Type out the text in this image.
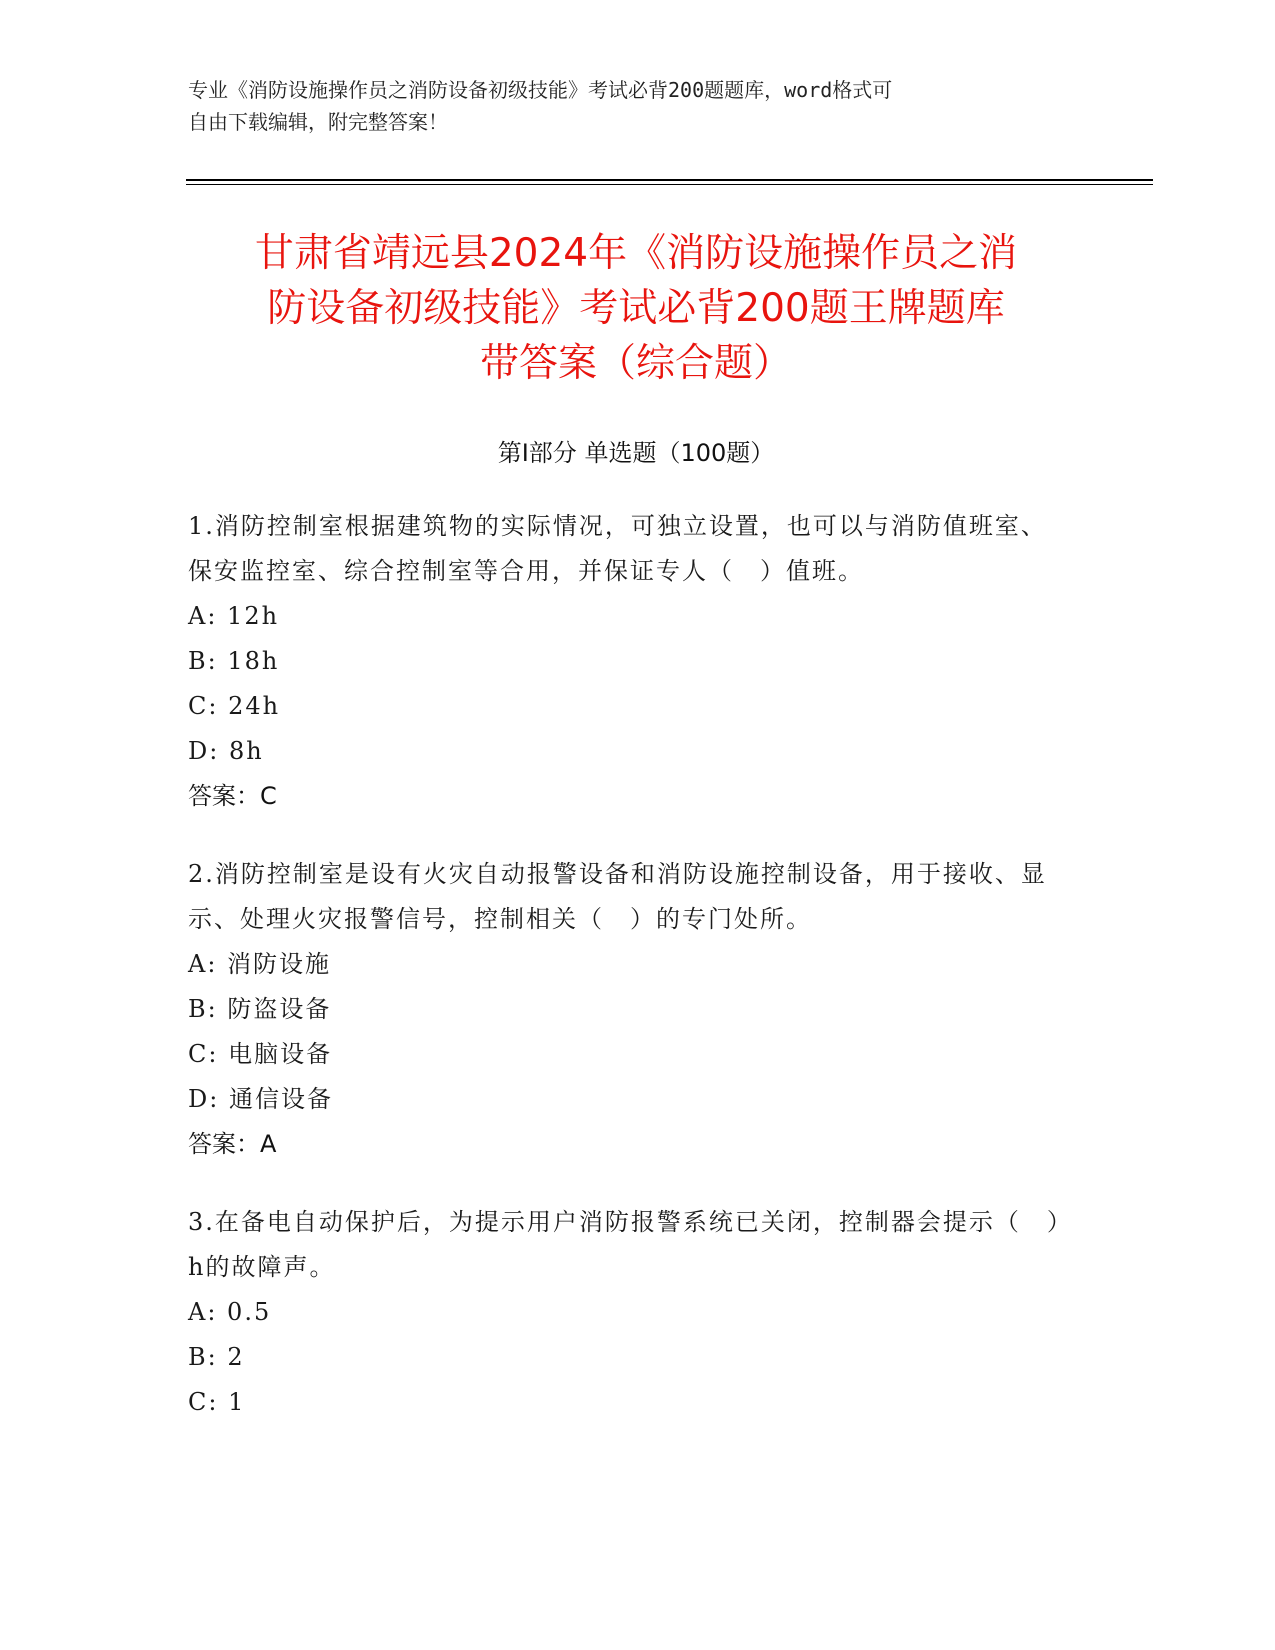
专业《消防设施操作员之消防设备初级技能》考试必背200题题库，word格式可
自由下载编辑，附完整答案！
甘肃省靖远县2024年《消防设施操作员之消
防设备初级技能》考试必背200题王牌题库
带答案（综合题）
第Ⅰ部分 单选题（100题）
1.消防控制室根据建筑物的实际情况，可独立设置，也可以与消防值班室、保安监控室、综合控制室等合用，并保证专人（　）值班。
A: 12h
B: 18h
C: 24h
D: 8h
答案：C
2.消防控制室是设有火灾自动报警设备和消防设施控制设备，用于接收、显示、处理火灾报警信号，控制相关（　）的专门处所。
A: 消防设施
B: 防盗设备
C: 电脑设备
D: 通信设备
答案：A
3.在备电自动保护后，为提示用户消防报警系统已关闭，控制器会提示（　）h的故障声。
A: 0.5
B: 2
C: 1
